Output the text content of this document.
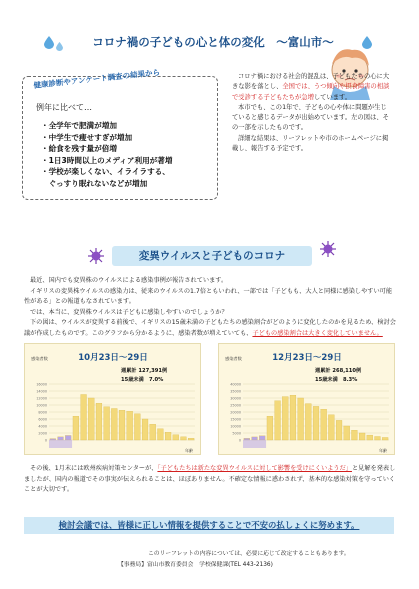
コロナ禍の子どもの心と体の変化　～富山市～
健康診断やアンケート調査の結果から
例年に比べて…
・全学年で肥満が増加
・中学生で痩せすぎが増加
・給食を残す量が倍増
・1日3時間以上のメディア利用が著増
・学校が楽しくない、イライラする、
　ぐっすり眠れないなどが増加

コロナ禍における社会的混乱は、子どもたちの心に大きな影を落とし、全国では、うつ傾向や摂食障害の相談で受診する子どもたちが急増しています。

本市でも、この1年で、子どもの心や体に問題が生じていると感じるデータが出始めています。左の図は、その一部を示したものです。

詳細な結果は、リーフレットや市のホームページに掲載し、報告する予定です。

変異ウイルスと子どものコロナ

最近、国内でも変異株のウイルスによる感染事例が報告されています。

イギリスの変異株ウイルスの感染力は、従来のウイルスの1.7倍ともいわれ、一部では「子どもも、大人と同様に感染しやすい可能性がある」との報道もなされています。

では、本当に、変異株ウイルスは子どもに感染しやすいのでしょうか？

下の図は、ウイルスが変異する前後で、イギリスの15歳未満の子どもたちの感染割合がどのように変化したのかを見るため、検討会議が作成したものです。このグラフから分かるように、感染者数が増えていても、子どもの感染割合は大きく変化していません。

16000
14000
12000
10000
8000
6000
4000
2000
0
感染者数	10月23日～29日
週累計 127,391例
15歳未満　7.0%
年齢
40000
35000
30000
25000
20000
15000
10000
5000
0
感染者数	12月23日～29日
週累計 268,110例
15歳未満　8.3%
年齢

その後、1月末には欧州疾病対策センターが、「子どもたちは新たな変異ウイルスに対して影響を受けにくいようだ」と見解を発表しましたが、国内の報道でその事実が伝えられることは、ほぼありません。不確定な情報に惑わされず、基本的な感染対策を守っていくことが大切です。

検討会議では、皆様に正しい情報を提供することで不安の払しょくに努めます。
このリーフレットの内容については、必要に応じて改定することもあります。
【事務局】富山市教育委員会　学校保健課(TEL 443-2136)
